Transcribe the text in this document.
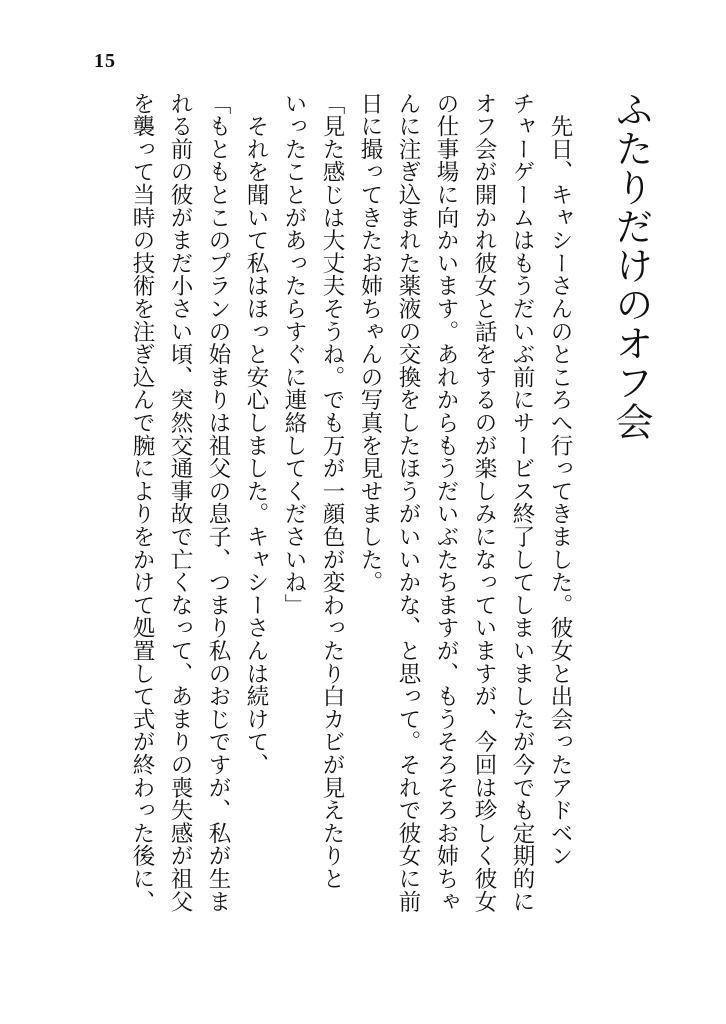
15
ふたりだけのオフ会
　先日、キャシーさんのところへ行ってきました。彼女と出会ったアドベン
チャーゲームはもうだいぶ前にサービス終了してしまいましたが今でも定期的に
オフ会が開かれ彼女と話をするのが楽しみになっていますが、今回は珍しく彼女
の仕事場に向かいます。あれからもうだいぶたちますが、もうそろそろお姉ちゃ
んに注ぎ込まれた薬液の交換をしたほうがいいかな、と思って。それで彼女に前
日に撮ってきたお姉ちゃんの写真を見せました。
「見た感じは大丈夫そうね。でも万が一顔色が変わったり白カビが見えたりと
いったことがあったらすぐに連絡してくださいね」
　それを聞いて私はほっと安心しました。キャシーさんは続けて、
「もともとこのプランの始まりは祖父の息子、つまり私のおじですが、私が生ま
れる前の彼がまだ小さい頃、突然交通事故で亡くなって、あまりの喪失感が祖父
を襲って当時の技術を注ぎ込んで腕によりをかけて処置して式が終わった後に、
